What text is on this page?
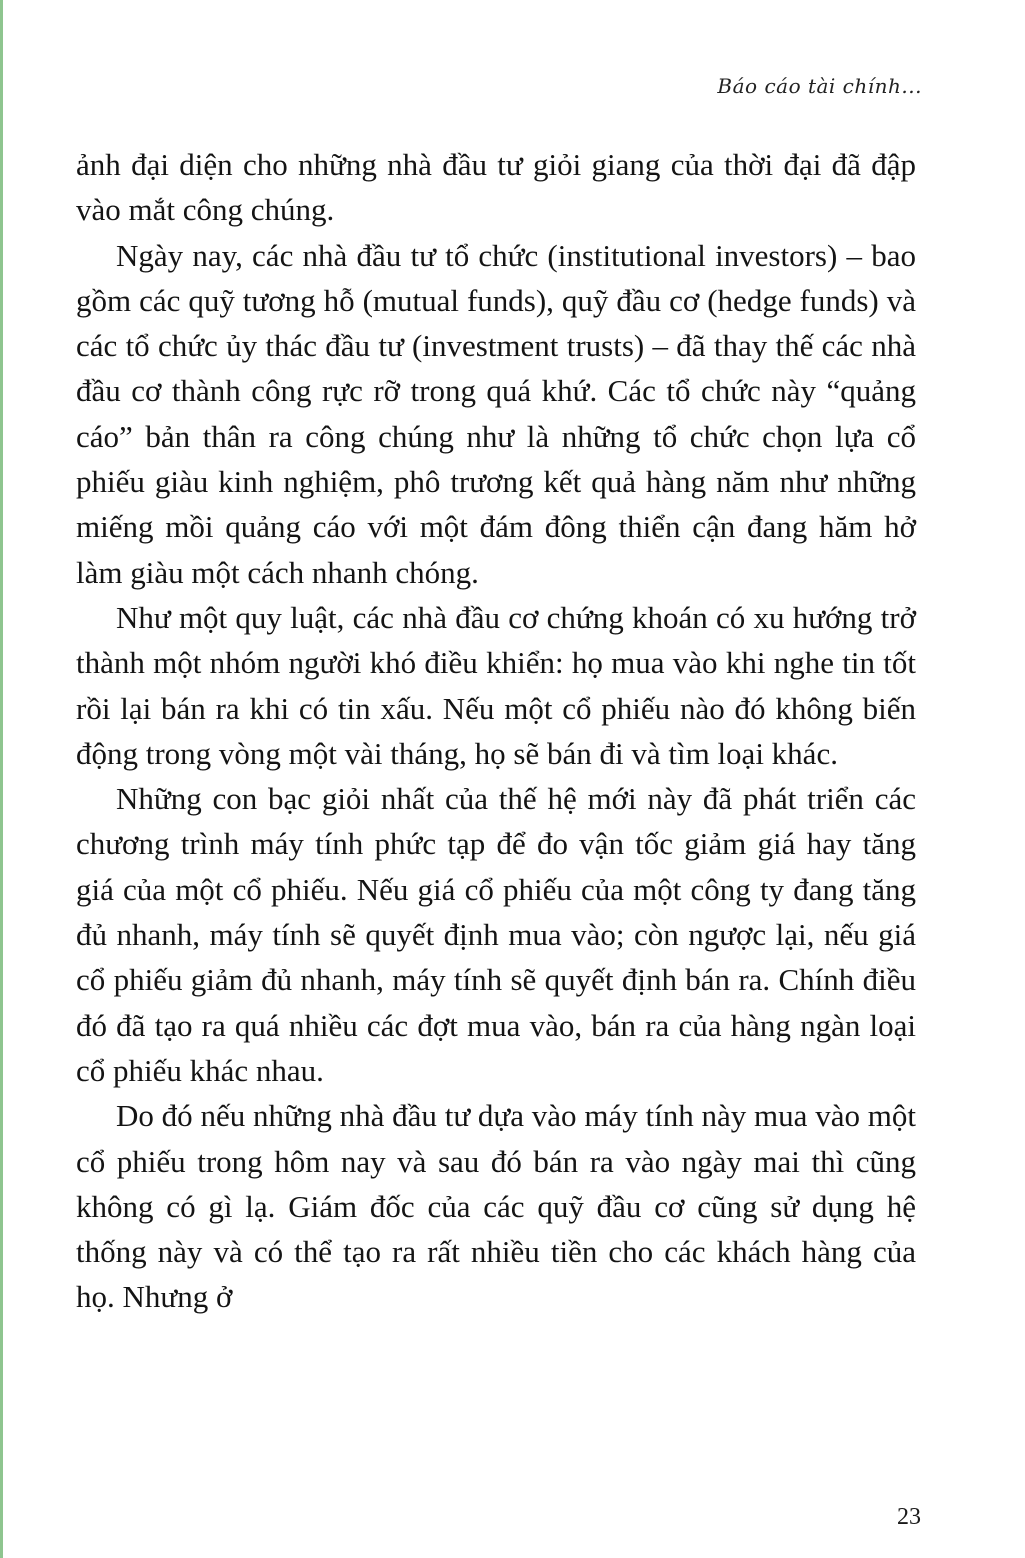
Báo cáo tài chính...

ảnh đại diện cho những nhà đầu tư giỏi giang của thời đại đã đập vào mắt công chúng.

Ngày nay, các nhà đầu tư tổ chức (institutional investors) – bao gồm các quỹ tương hỗ (mutual funds), quỹ đầu cơ (hedge funds) và các tổ chức ủy thác đầu tư (investment trusts) – đã thay thế các nhà đầu cơ thành công rực rỡ trong quá khứ. Các tổ chức này “quảng cáo” bản thân ra công chúng như là những tổ chức chọn lựa cổ phiếu giàu kinh nghiệm, phô trương kết quả hàng năm như những miếng mồi quảng cáo với một đám đông thiển cận đang hăm hở làm giàu một cách nhanh chóng.

Như một quy luật, các nhà đầu cơ chứng khoán có xu hướng trở thành một nhóm người khó điều khiển: họ mua vào khi nghe tin tốt rồi lại bán ra khi có tin xấu. Nếu một cổ phiếu nào đó không biến động trong vòng một vài tháng, họ sẽ bán đi và tìm loại khác.

Những con bạc giỏi nhất của thế hệ mới này đã phát triển các chương trình máy tính phức tạp để đo vận tốc giảm giá hay tăng giá của một cổ phiếu. Nếu giá cổ phiếu của một công ty đang tăng đủ nhanh, máy tính sẽ quyết định mua vào; còn ngược lại, nếu giá cổ phiếu giảm đủ nhanh, máy tính sẽ quyết định bán ra. Chính điều đó đã tạo ra quá nhiều các đợt mua vào, bán ra của hàng ngàn loại cổ phiếu khác nhau.

Do đó nếu những nhà đầu tư dựa vào máy tính này mua vào một cổ phiếu trong hôm nay và sau đó bán ra vào ngày mai thì cũng không có gì lạ. Giám đốc của các quỹ đầu cơ cũng sử dụng hệ thống này và có thể tạo ra rất nhiều tiền cho các khách hàng của họ. Nhưng ở

23
